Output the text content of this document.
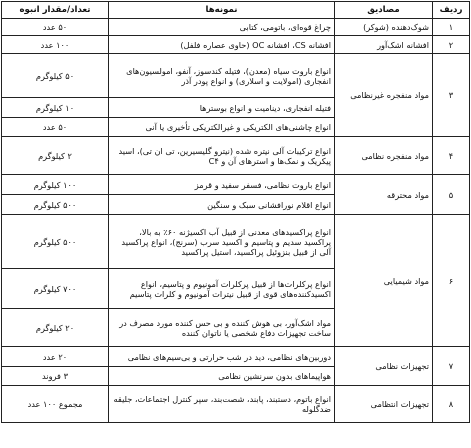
ردیف	مصادیق	نمونه‌ها	تعداد/مقدار انبوه
۱	شوک‌دهنده (شوکر)	چراغ قوه‌ای، باتومی، کتابی	۵۰ عدد
۲	افشانه اشک‌آور	افشانه CS، افشانه OC (حاوی عصاره فلفل)	۱۰۰ عدد
۳	مواد منفجره غیرنظامی	انواع باروت سیاه (معدن)، فتیله کندسوز، آنفو، امولسیون‌های انفجاری (امولایت و اسلاری) و انواع پودر آذر	۵۰ کیلوگرم
		فتیله انفجاری، دینامیت و انواع بوسترها	۱۰ کیلوگرم
		انواع چاشنی‌های الکتریکی و غیرالکتریکی تأخیری یا آنی	۵۰ عدد
۴	مواد منفجره نظامی	انواع ترکیبات آلی نیتره شده (نیترو گلیسیرین، تی ان تی)، اسید پیکریک و نمک‌ها و استرهای آن و C۴	۲ کیلوگرم
۵	مواد محترقه	انواع باروت نظامی، فسفر سفید و قرمز	۱۰۰ کیلوگرم
		انواع اقلام نورافشانی سبک و سنگین	۵۰۰ کیلوگرم
۶	مواد شیمیایی	انواع پراکسیدهای معدنی از قبیل آب اکسیژنه ۶۰٪ به بالا، پراکسید سدیم و پتاسیم و اکسید سرب (سرنج)، انواع پراکسید آلی از قبیل بنزوئیل پراکسید، استیل پراکسید	۵۰۰ کیلوگرم
		انواع پرکلرات‌ها از قبیل پرکلرات آمونیوم و پتاسیم، انواع اکسیدکننده‌های قوی از قبیل نیترات آمونیوم و کلرات پتاسیم	۷۰۰ کیلوگرم
		مواد اشک‌آور، بی هوش کننده و بی حس کننده مورد مصرف در ساخت تجهیزات دفاع شخصی یا ناتوان کننده	۲۰ کیلوگرم
۷	تجهیزات نظامی	دوربین‌های نظامی، دید در شب حرارتی و بی‌سیم‌های نظامی	۲۰ عدد
		هواپیماهای بدون سرنشین نظامی	۳ فروند
۸	تجهیزات انتظامی	انواع باتوم، دستبند، پابند، شصت‌بند، سپر کنترل اجتماعات، جلیقه ضدگلوله	مجموع ۱۰۰ عدد
